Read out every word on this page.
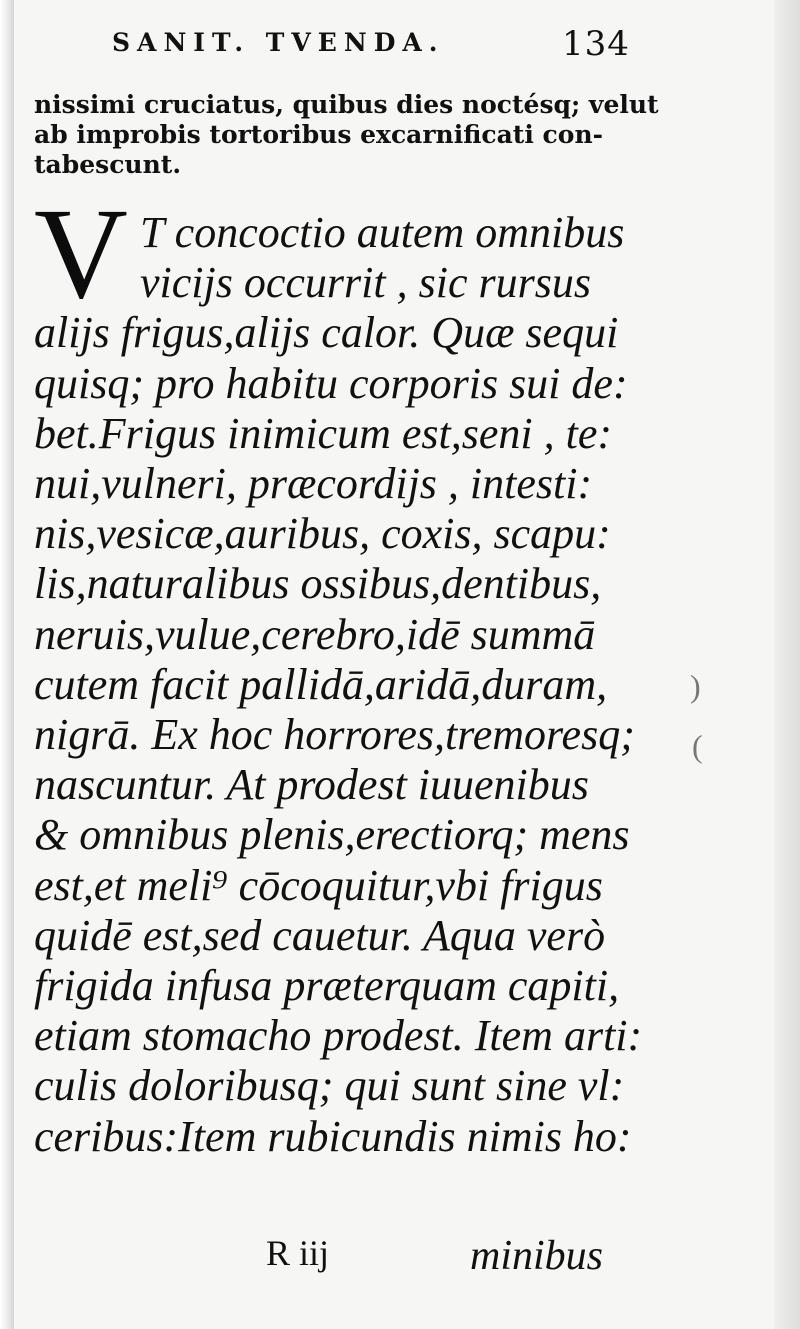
SANIT. TVENDA.	134
nissimi cruciatus, quibus dies noctésq; velut
ab improbis tortoribus excarnificati con-
tabescunt.
V T concoctio autem omnibus
vicijs occurrit , sic rursus
alijs frigus,alijs calor. Quæ sequi
quisq; pro habitu corporis sui de:
bet.Frigus inimicum est,seni , te:
nui,vulneri, præcordijs , intesti:
nis,vesicæ,auribus, coxis, scapu:
lis,naturalibus ossibus,dentibus,
neruis,vulue,cerebro,idē summā
cutem facit pallidā,aridā,duram,
nigrā. Ex hoc horrores,tremoresq;
nascuntur. At prodest iuuenibus
& omnibus plenis,erectiorq; mens
est,et meli⁹ cōcoquitur,vbi frigus
quidē est,sed cauetur. Aqua verò
frigida infusa præterquam capiti,
etiam stomacho prodest. Item arti:
culis doloribusq; qui sunt sine vl:
ceribus:Item rubicundis nimis ho:
)
(
R iij	minibus
